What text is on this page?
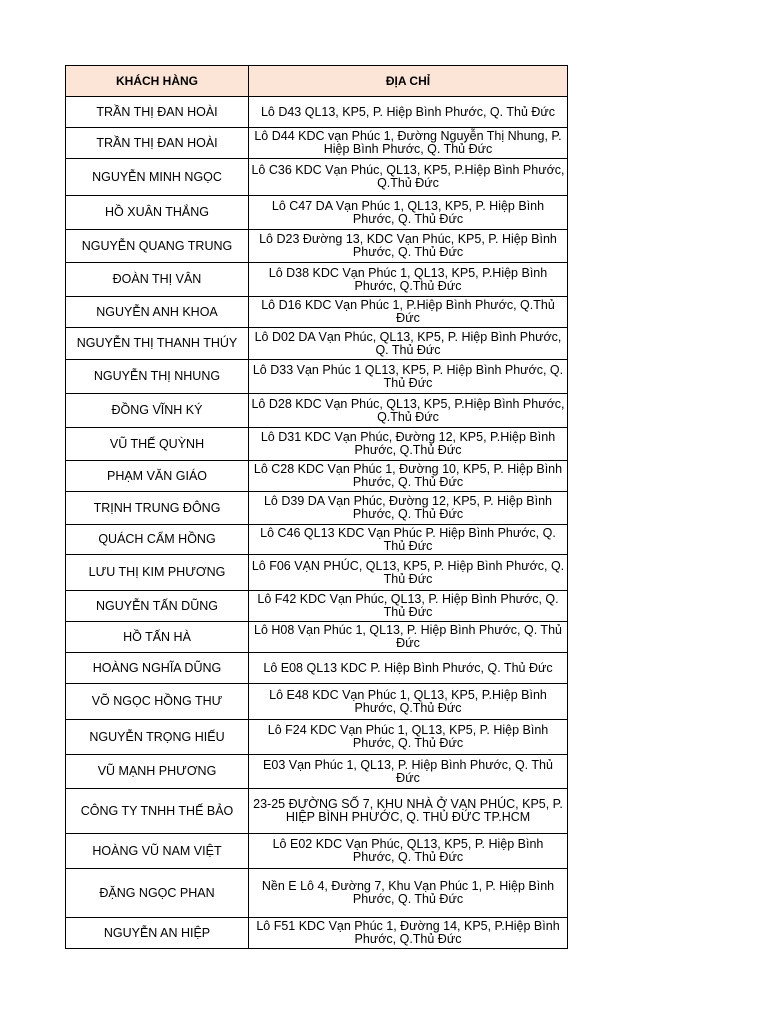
KHÁCH HÀNG	ĐỊA CHỈ
TRẦN THỊ ĐAN HOÀI	Lô D43 QL13, KP5, P. Hiệp Bình Phước, Q. Thủ Đức
TRẦN THỊ ĐAN HOÀI	Lô D44 KDC vạn Phúc 1, Đường Nguyễn Thị Nhung, P. Hiệp Bình Phước, Q. Thủ Đức
NGUYỄN MINH NGỌC	Lô C36 KDC Vạn Phúc, QL13, KP5, P.Hiệp Bình Phước, Q.Thủ Đức
HỒ XUÂN THẮNG	Lô C47 DA Vạn Phúc 1, QL13, KP5, P. Hiệp Bình Phước, Q. Thủ Đức
NGUYỄN QUANG TRUNG	Lô D23 Đường 13, KDC Vạn Phúc, KP5, P. Hiệp Bình Phước, Q. Thủ Đức
ĐOÀN THỊ VÂN	Lô D38 KDC Vạn Phúc 1, QL13, KP5, P.Hiệp Bình Phước, Q.Thủ Đức
NGUYỄN ANH KHOA	Lô D16 KDC Vạn Phúc 1, P.Hiệp Bình Phước, Q.Thủ Đức
NGUYỄN THỊ THANH THÚY	Lô D02 DA Vạn Phúc, QL13, KP5, P. Hiệp Bình Phước, Q. Thủ Đức
NGUYỄN THỊ NHUNG	Lô D33 Vạn Phúc 1 QL13, KP5, P. Hiệp Bình Phước, Q. Thủ Đức
ĐỒNG VĨNH KÝ	Lô D28 KDC Vạn Phúc, QL13, KP5, P.Hiệp Bình Phước, Q.Thủ Đức
VŨ THẾ QUỲNH	Lô D31 KDC Vạn Phúc, Đường 12, KP5, P.Hiệp Bình Phước, Q.Thủ Đức
PHẠM VĂN GIÁO	Lô C28 KDC Vạn Phúc 1, Đường 10, KP5, P. Hiệp Bình Phước, Q. Thủ Đức
TRỊNH TRUNG ĐÔNG	Lô D39 DA Vạn Phúc, Đường 12, KP5, P. Hiệp Bình Phước, Q. Thủ Đức
QUÁCH CẨM HỒNG	Lô C46 QL13 KDC Vạn Phúc P. Hiệp Bình Phước, Q. Thủ Đức
LƯU THỊ KIM PHƯƠNG	Lô F06 VẠN PHÚC, QL13, KP5, P. Hiệp Bình Phước, Q. Thủ Đức
NGUYỄN TẤN DŨNG	Lô F42 KDC Vạn Phúc, QL13, P. Hiệp Bình Phước, Q. Thủ Đức
HỒ TẤN HÀ	Lô H08 Vạn Phúc 1, QL13, P. Hiệp Bình Phước, Q. Thủ Đức
HOÀNG NGHĨA DŨNG	Lô E08 QL13 KDC P. Hiệp Bình Phước, Q. Thủ Đức
VÕ NGỌC HỒNG THƯ	Lô E48 KDC Vạn Phúc 1, QL13, KP5, P.Hiệp Bình Phước, Q.Thủ Đức
NGUYỄN TRỌNG HIẾU	Lô F24 KDC Vạn Phúc 1, QL13, KP5, P. Hiệp Bình Phước, Q. Thủ Đức
VŨ MẠNH PHƯƠNG	E03 Vạn Phúc 1, QL13, P. Hiệp Bình Phước, Q. Thủ Đức
CÔNG TY TNHH THẾ BẢO	23-25 ĐƯỜNG SỐ 7, KHU NHÀ Ở VẠN PHÚC, KP5, P. HIỆP BÌNH PHƯỚC, Q. THỦ ĐỨC TP.HCM
HOÀNG VŨ NAM VIỆT	Lô E02 KDC Vạn Phúc, QL13, KP5, P. Hiệp Bình Phước, Q. Thủ Đức
ĐẶNG NGỌC PHAN	Nền E Lô 4, Đường 7, Khu Vạn Phúc 1, P. Hiệp Bình Phước, Q. Thủ Đức
NGUYỄN AN HIỆP	Lô F51 KDC Vạn Phúc 1, Đường 14, KP5, P.Hiệp Bình Phước, Q.Thủ Đức
